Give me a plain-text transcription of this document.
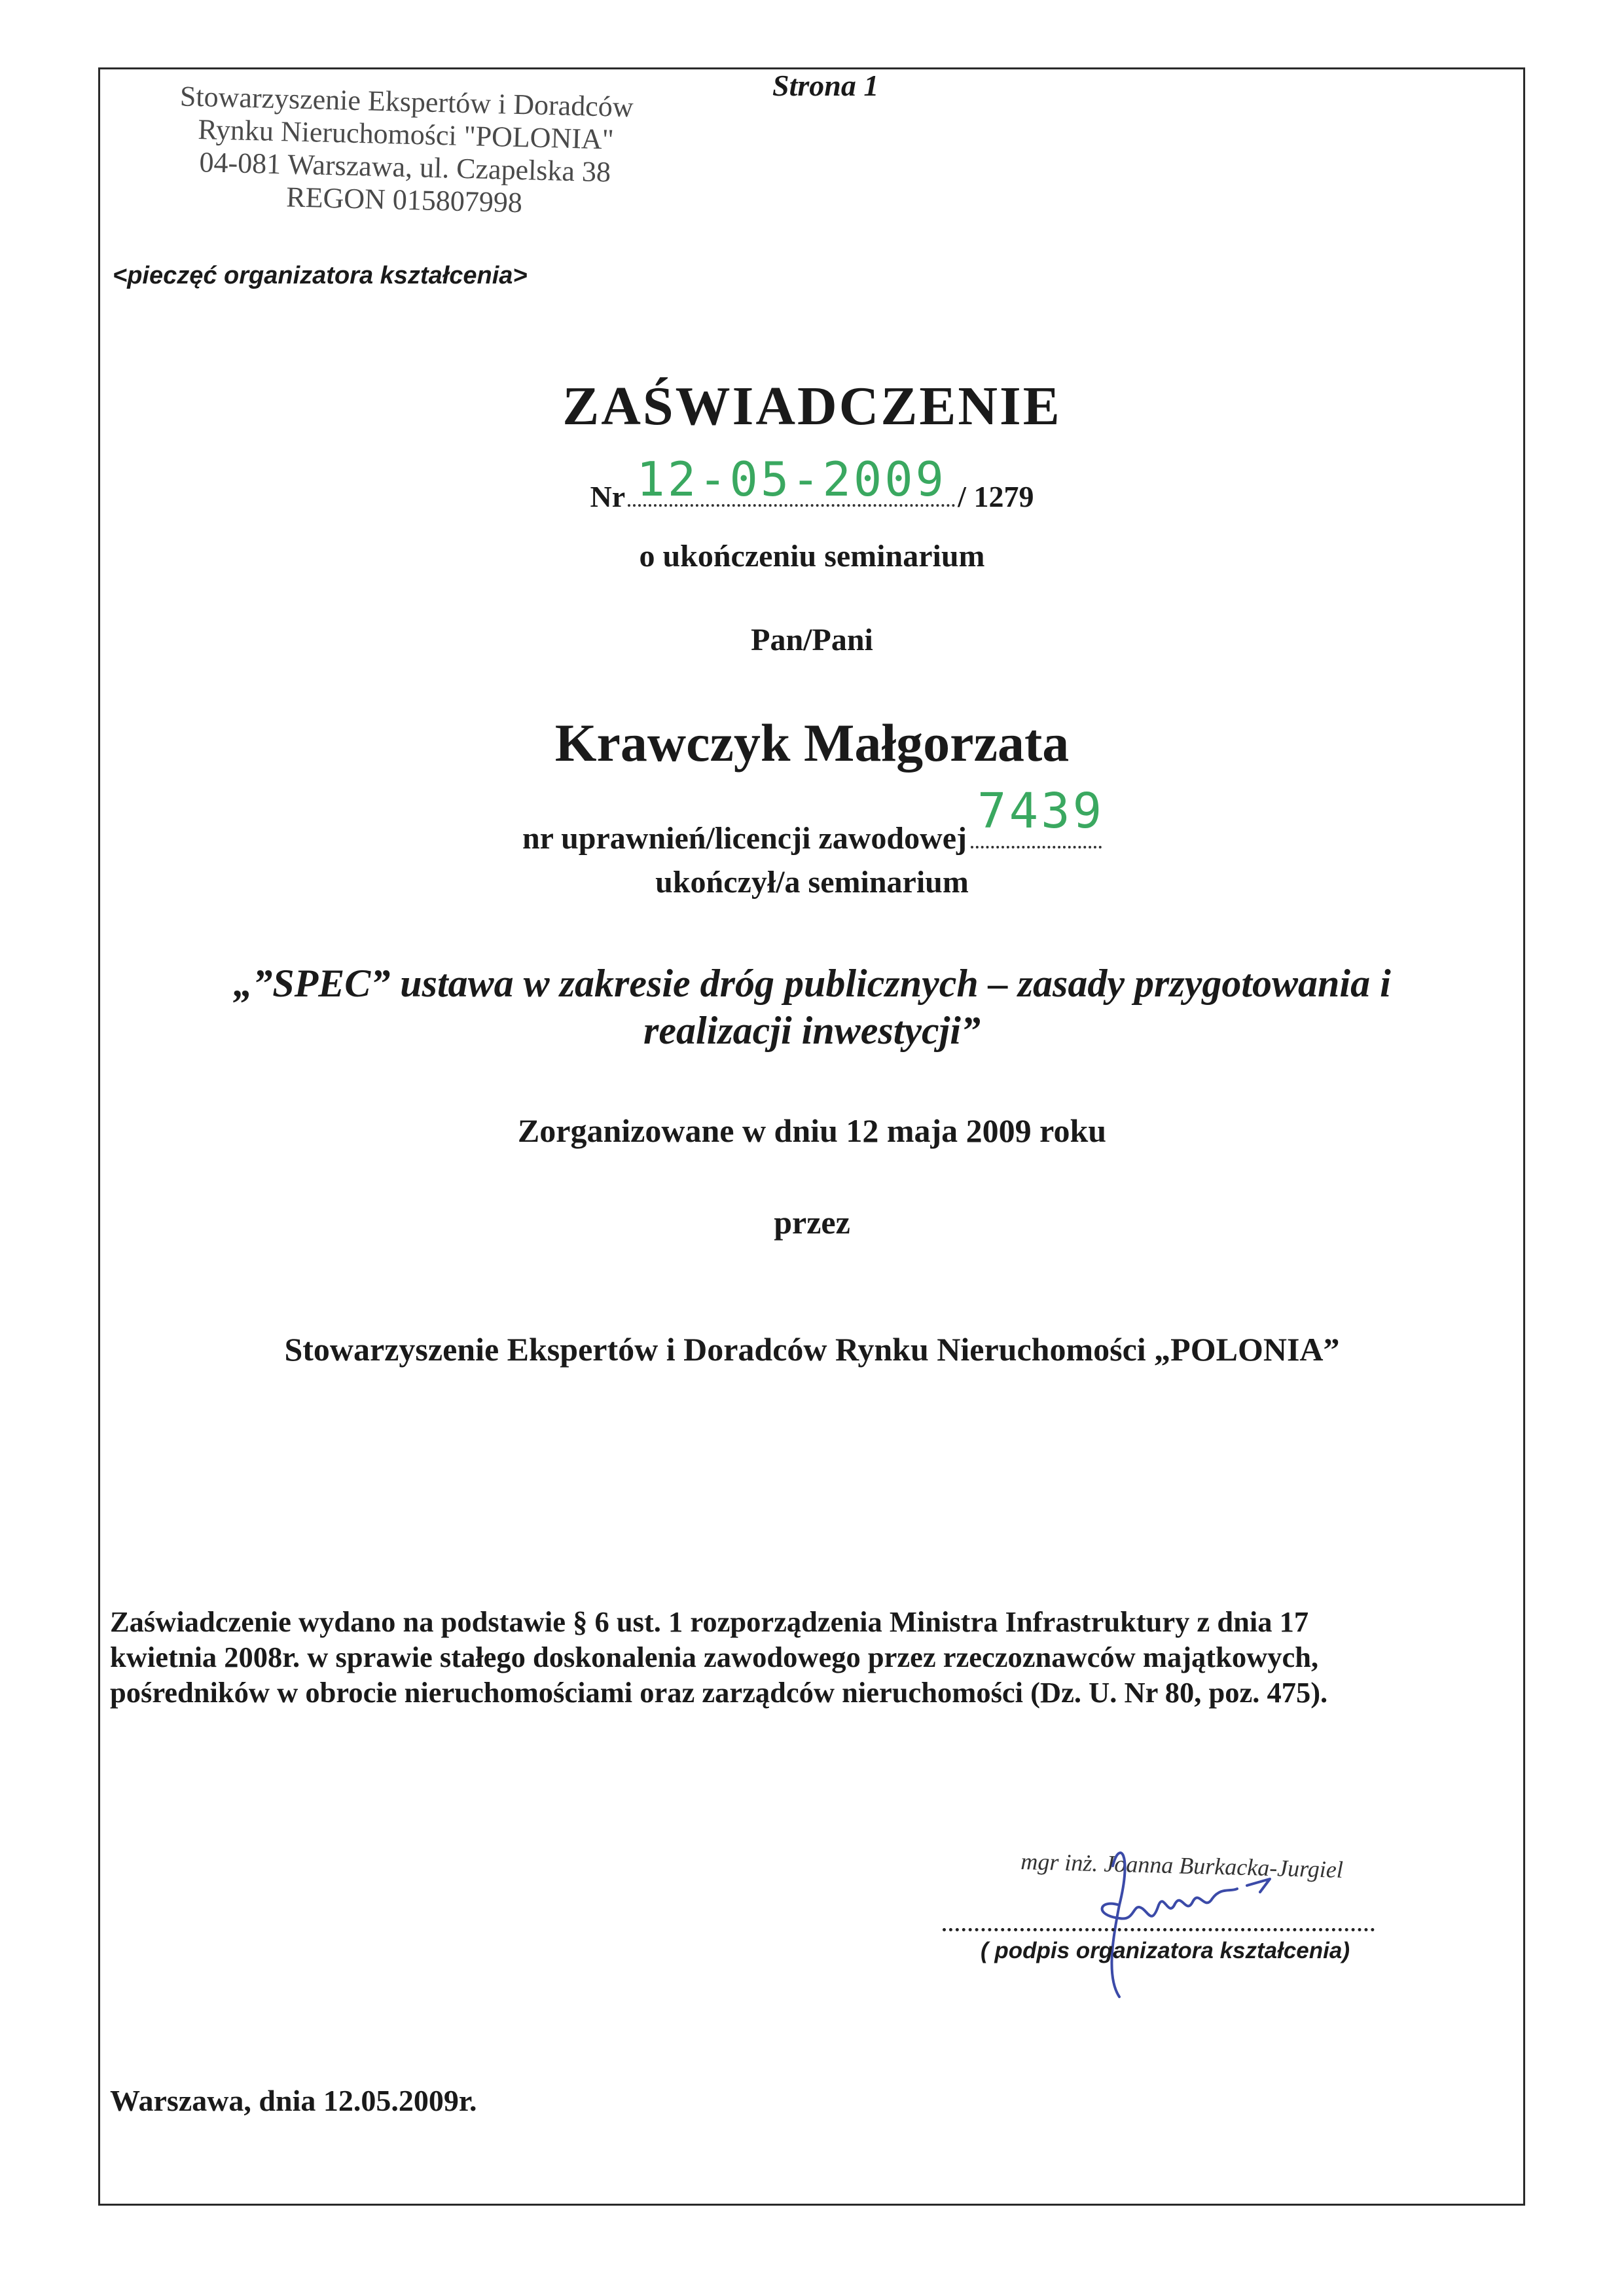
Stowarzyszenie Ekspertów i Doradców
Rynku Nieruchomości "POLONIA"
04-081 Warszawa, ul. Czapelska 38
REGON 015807998
Strona 1
<pieczęć organizatora kształcenia>
ZAŚWIADCZENIE
Nr 12-05-2009 / 1279
o ukończeniu seminarium
Pan/Pani
Krawczyk Małgorzata
nr uprawnień/licencji zawodowej 7439
ukończył/a seminarium
„”SPEC” ustawa w zakresie dróg publicznych – zasady przygotowania i
realizacji inwestycji”
Zorganizowane w dniu 12 maja 2009 roku
przez
Stowarzyszenie Ekspertów i Doradców Rynku Nieruchomości „POLONIA”
Zaświadczenie wydano na podstawie § 6 ust. 1 rozporządzenia Ministra Infrastruktury z dnia 17
kwietnia 2008r. w sprawie stałego doskonalenia zawodowego przez rzeczoznawców majątkowych,
pośredników w obrocie nieruchomościami oraz zarządców nieruchomości (Dz. U. Nr 80, poz. 475).
mgr inż. Joanna Burkacka-Jurgiel
( podpis organizatora kształcenia)
Warszawa, dnia 12.05.2009r.
